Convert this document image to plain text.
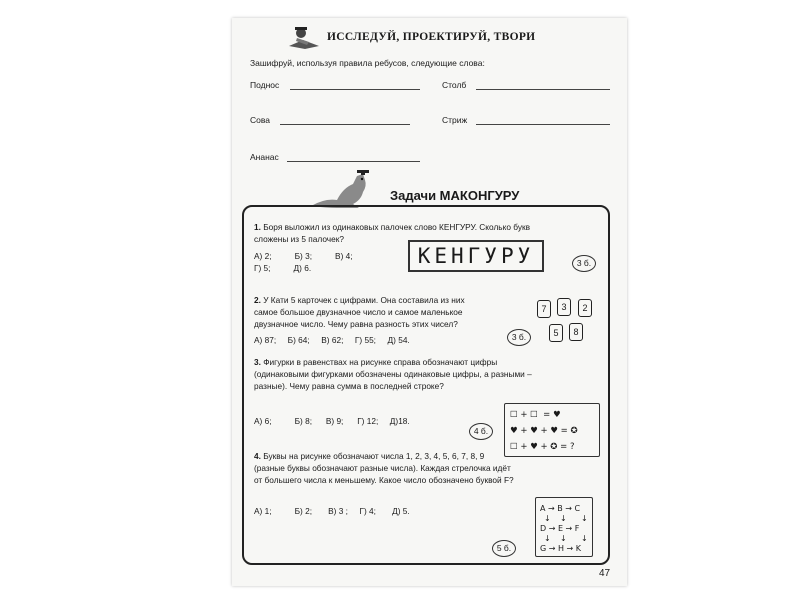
ИССЛЕДУЙ, ПРОЕКТИРУЙ, ТВОРИ
Зашифруй, используя правила ребусов, следующие слова:
Поднос	Столб
Сова	Стриж
Ананас
Задачи МАКОНГУРУ
1. Боря выложил из одинаковых палочек слово КЕНГУРУ. Сколько букв
сложены из 5 палочек?
А) 2;          Б) 3;          В) 4;
Г) 5;          Д) 6.	КЕНГУРУ	3 б.
2. У Кати 5 карточек с цифрами. Она составила из них
самое большое двузначное число и самое маленькое
двузначное число. Чему равна разность этих чисел?
А) 87;     Б) 64;     В) 62;     Г) 55;     Д) 54.	3 б.
7	3	2
5	8
3. Фигурки в равенствах на рисунке справа обозначают цифры
(одинаковыми фигурками обозначены одинаковые цифры, а разными –
разные). Чему равна сумма в последней строке?
А) 6;          Б) 8;      В) 9;      Г) 12;     Д)18.
4 б.
☐ + ☐  = ♥
♥ + ♥ + ♥ = ✪
☐ + ♥ + ✪ = ?
4. Буквы на рисунке обозначают числа 1, 2, 3, 4, 5, 6, 7, 8, 9
(разные буквы обозначают разные числа). Каждая стрелочка идёт
от большего числа к меньшему. Какое число обозначено буквой F?
А) 1;          Б) 2;       В) 3 ;     Г) 4;       Д) 5.
5 б.
A → B → C
↓ ↓ ↓
D → E → F
↓ ↓ ↓
G → H → K
47
